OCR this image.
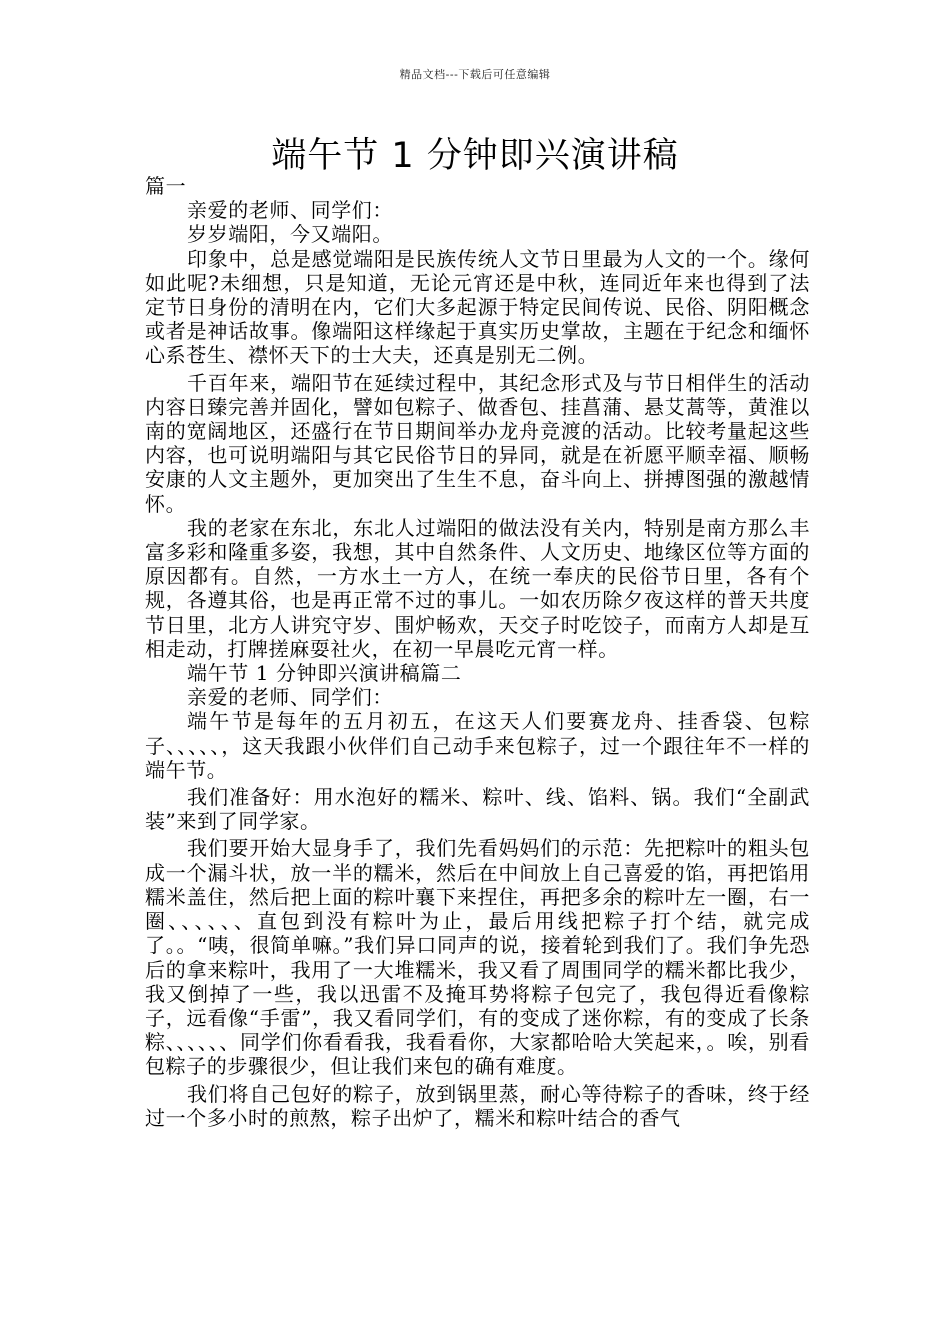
精品文档---下载后可任意编辑
端午节 1 分钟即兴演讲稿

篇一

亲爱的老师、同学们：

岁岁端阳，今又端阳。

印象中，总是感觉端阳是民族传统人文节日里最为人文的一个。缘何如此呢?未细想，只是知道，无论元宵还是中秋，连同近年来也得到了法定节日身份的清明在内，它们大多起源于特定民间传说、民俗、阴阳概念或者是神话故事。像端阳这样缘起于真实历史掌故，主题在于纪念和缅怀心系苍生、襟怀天下的士大夫，还真是别无二例。

千百年来，端阳节在延续过程中，其纪念形式及与节日相伴生的活动内容日臻完善并固化，譬如包粽子、做香包、挂菖蒲、悬艾蒿等，黄淮以南的宽阔地区，还盛行在节日期间举办龙舟竞渡的活动。比较考量起这些内容，也可说明端阳与其它民俗节日的异同，就是在祈愿平顺幸福、顺畅安康的人文主题外，更加突出了生生不息，奋斗向上、拼搏图强的激越情怀。

我的老家在东北，东北人过端阳的做法没有关内，特别是南方那么丰富多彩和隆重多姿，我想，其中自然条件、人文历史、地缘区位等方面的原因都有。自然，一方水土一方人，在统一奉庆的民俗节日里，各有个规，各遵其俗，也是再正常不过的事儿。一如农历除夕夜这样的普天共度节日里，北方人讲究守岁、围炉畅欢，天交子时吃饺子，而南方人却是互相走动，打牌搓麻耍社火，在初一早晨吃元宵一样。

端午节 1 分钟即兴演讲稿篇二

亲爱的老师、同学们：

端午节是每年的五月初五，在这天人们要赛龙舟、挂香袋、包粽子、、、、、，这天我跟小伙伴们自己动手来包粽子，过一个跟往年不一样的端午节。

我们准备好：用水泡好的糯米、粽叶、线、馅料、锅。我们“全副武装”来到了同学家。

我们要开始大显身手了，我们先看妈妈们的示范：先把粽叶的粗头包成一个漏斗状，放一半的糯米，然后在中间放上自己喜爱的馅，再把馅用糯米盖住，然后把上面的粽叶襄下来捏住，再把多余的粽叶左一圈，右一圈、、、、、、直包到没有粽叶为止，最后用线把粽子打个结，就完成了。。“咦，很简单嘛。”我们异口同声的说，接着轮到我们了。我们争先恐后的拿来粽叶，我用了一大堆糯米，我又看了周围同学的糯米都比我少，我又倒掉了一些，我以迅雷不及掩耳势将粽子包完了，我包得近看像粽子，远看像“手雷”，我又看同学们，有的变成了迷你粽，有的变成了长条粽、、、、、、同学们你看看我，我看看你，大家都哈哈大笑起来，。唉，别看包粽子的步骤很少，但让我们来包的确有难度。

我们将自己包好的粽子，放到锅里蒸，耐心等待粽子的香味，终于经过一个多小时的煎熬，粽子出炉了，糯米和粽叶结合的香气
